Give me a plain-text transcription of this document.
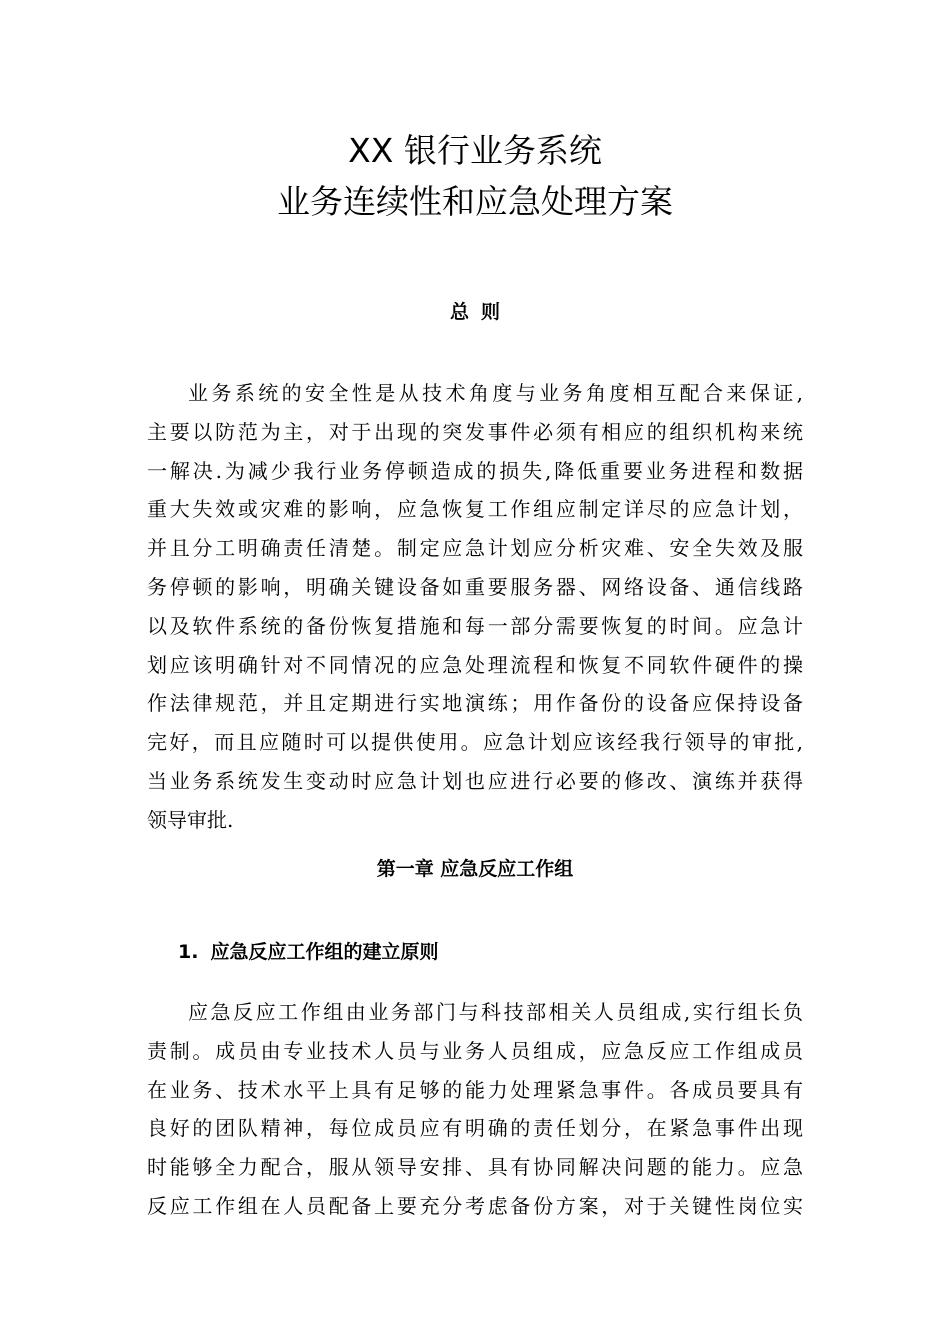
XX 银行业务系统
业务连续性和应急处理方案
总则
业务系统的安全性是从技术角度与业务角度相互配合来保证,
主要以防范为主，对于出现的突发事件必须有相应的组织机构来统
一解决.为减少我行业务停顿造成的损失,降低重要业务进程和数据
重大失效或灾难的影响，应急恢复工作组应制定详尽的应急计划，
并且分工明确责任清楚。制定应急计划应分析灾难、安全失效及服
务停顿的影响，明确关键设备如重要服务器、网络设备、通信线路
以及软件系统的备份恢复措施和每一部分需要恢复的时间。应急计
划应该明确针对不同情况的应急处理流程和恢复不同软件硬件的操
作法律规范，并且定期进行实地演练；用作备份的设备应保持设备
完好，而且应随时可以提供使用。应急计划应该经我行领导的审批,
当业务系统发生变动时应急计划也应进行必要的修改、演练并获得
领导审批.
第一章 应急反应工作组
1. 应急反应工作组的建立原则
应急反应工作组由业务部门与科技部相关人员组成,实行组长负
责制。成员由专业技术人员与业务人员组成，应急反应工作组成员
在业务、技术水平上具有足够的能力处理紧急事件。各成员要具有
良好的团队精神，每位成员应有明确的责任划分，在紧急事件出现
时能够全力配合，服从领导安排、具有协同解决问题的能力。应急
反应工作组在人员配备上要充分考虑备份方案，对于关键性岗位实
